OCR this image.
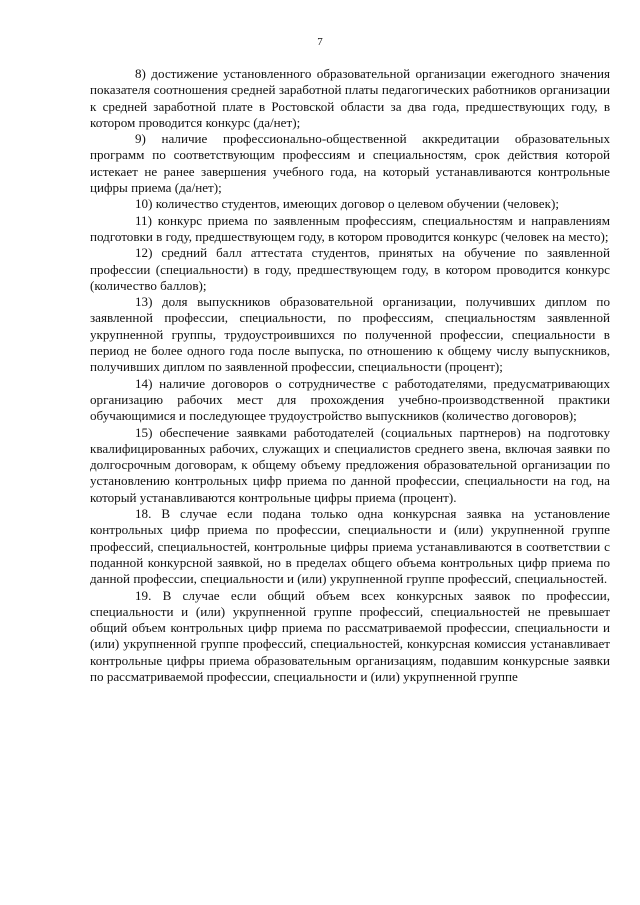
7

8) достижение установленного образовательной организации ежегодного значения показателя соотношения средней заработной платы педагогических работников организации к средней заработной плате в Ростовской области за два года, предшествующих году, в котором проводится конкурс (да/нет);

9) наличие профессионально-общественной аккредитации образовательных программ по соответствующим профессиям и специальностям, срок действия которой истекает не ранее завершения учебного года, на который устанавливаются контрольные цифры приема (да/нет);

10) количество студентов, имеющих договор о целевом обучении (человек);

11) конкурс приема по заявленным профессиям, специальностям и направлениям подготовки в году, предшествующем году, в котором проводится конкурс (человек на место);

12) средний балл аттестата студентов, принятых на обучение по заявленной профессии (специальности) в году, предшествующем году, в котором проводится конкурс (количество баллов);

13) доля выпускников образовательной организации, получивших диплом по заявленной профессии, специальности, по профессиям, специальностям заявленной укрупненной группы, трудоустроившихся по полученной профессии, специальности в период не более одного года после выпуска, по отношению к общему числу выпускников, получивших диплом по заявленной профессии, специальности (процент);

14) наличие договоров о сотрудничестве с работодателями, предусматривающих организацию рабочих мест для прохождения учебно-производственной практики обучающимися и последующее трудоустройство выпускников (количество договоров);

15) обеспечение заявками работодателей (социальных партнеров) на подготовку квалифицированных рабочих, служащих и специалистов среднего звена, включая заявки по долгосрочным договорам, к общему объему предложения образовательной организации по установлению контрольных цифр приема по данной профессии, специальности на год, на который устанавливаются контрольные цифры приема (процент).

18. В случае если подана только одна конкурсная заявка на установление контрольных цифр приема по профессии, специальности и (или) укрупненной группе профессий, специальностей, контрольные цифры приема устанавливаются в соответствии с поданной конкурсной заявкой, но в пределах общего объема контрольных цифр приема по данной профессии, специальности и (или) укрупненной группе профессий, специальностей.

19. В случае если общий объем всех конкурсных заявок по профессии, специальности и (или) укрупненной группе профессий, специальностей не превышает общий объем контрольных цифр приема по рассматриваемой профессии, специальности и (или) укрупненной группе профессий, специальностей, конкурсная комиссия устанавливает контрольные цифры приема образовательным организациям, подавшим конкурсные заявки по рассматриваемой профессии, специальности и (или) укрупненной группе
